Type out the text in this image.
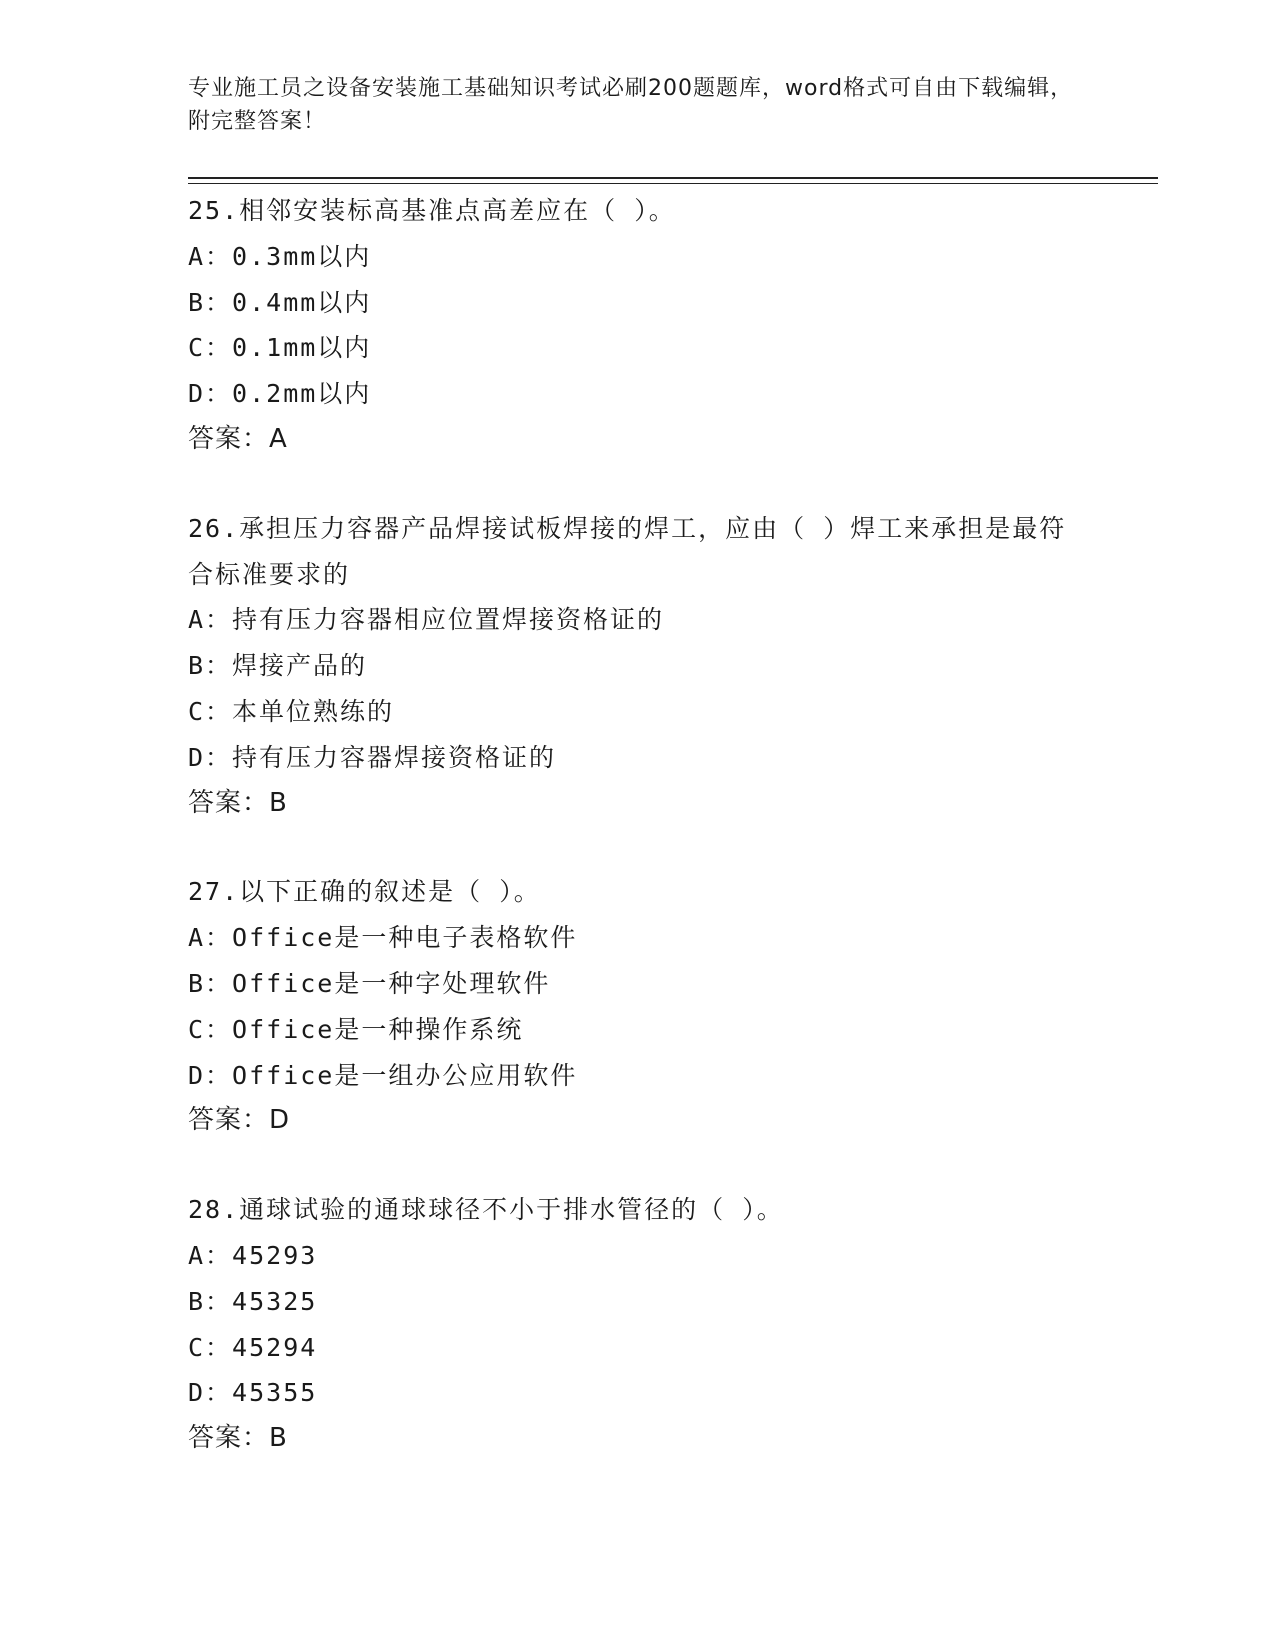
专业施工员之设备安装施工基础知识考试必刷200题题库，word格式可自由下载编辑，附完整答案！
25.相邻安装标高基准点高差应在（ ）。
A：0.3mm以内
B：0.4mm以内
C：0.1mm以内
D：0.2mm以内
答案：A
26.承担压力容器产品焊接试板焊接的焊工，应由（ ）焊工来承担是最符合标准要求的
A：持有压力容器相应位置焊接资格证的
B：焊接产品的
C：本单位熟练的
D：持有压力容器焊接资格证的
答案：B
27.以下正确的叙述是（ ）。
A：Office是一种电子表格软件
B：Office是一种字处理软件
C：Office是一种操作系统
D：Office是一组办公应用软件
答案：D
28.通球试验的通球球径不小于排水管径的（ ）。
A：45293
B：45325
C：45294
D：45355
答案：B
